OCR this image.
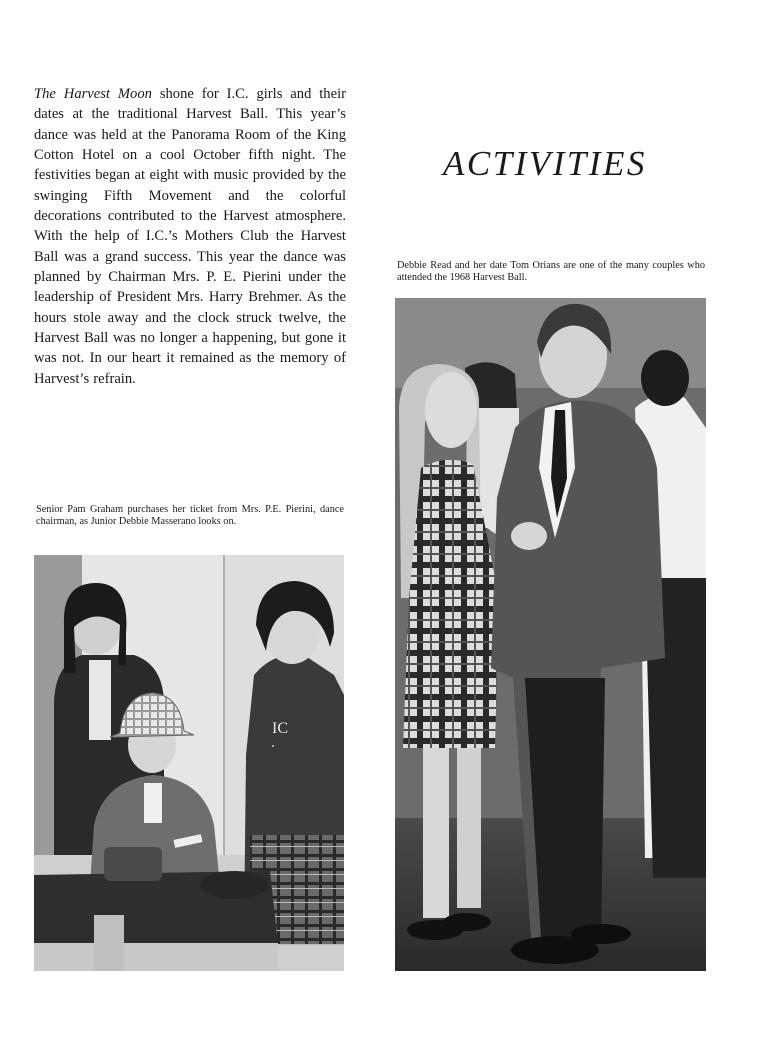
The Harvest Moon shone for I.C. girls and their dates at the traditional Harvest Ball. This year’s dance was held at the Panorama Room of the King Cotton Hotel on a cool October fifth night. The festivities began at eight with music provided by the swinging Fifth Movement and the colorful decorations contributed to the Harvest atmosphere. With the help of I.C.’s Mothers Club the Harvest Ball was a grand success. This year the dance was planned by Chairman Mrs. P. E. Pierini under the leadership of President Mrs. Harry Brehmer. As the hours stole away and the clock struck twelve, the Harvest Ball was no longer a happening, but gone it was not. In our heart it remained as the memory of Harvest’s refrain.
ACTIVITIES
Senior Pam Graham purchases her ticket from Mrs. P.E. Pierini, dance chairman, as Junior Debbie Masserano looks on.
Debbie Read and her date Tom Orians are one of the many couples who attended the 1968 Harvest Ball.
IC
